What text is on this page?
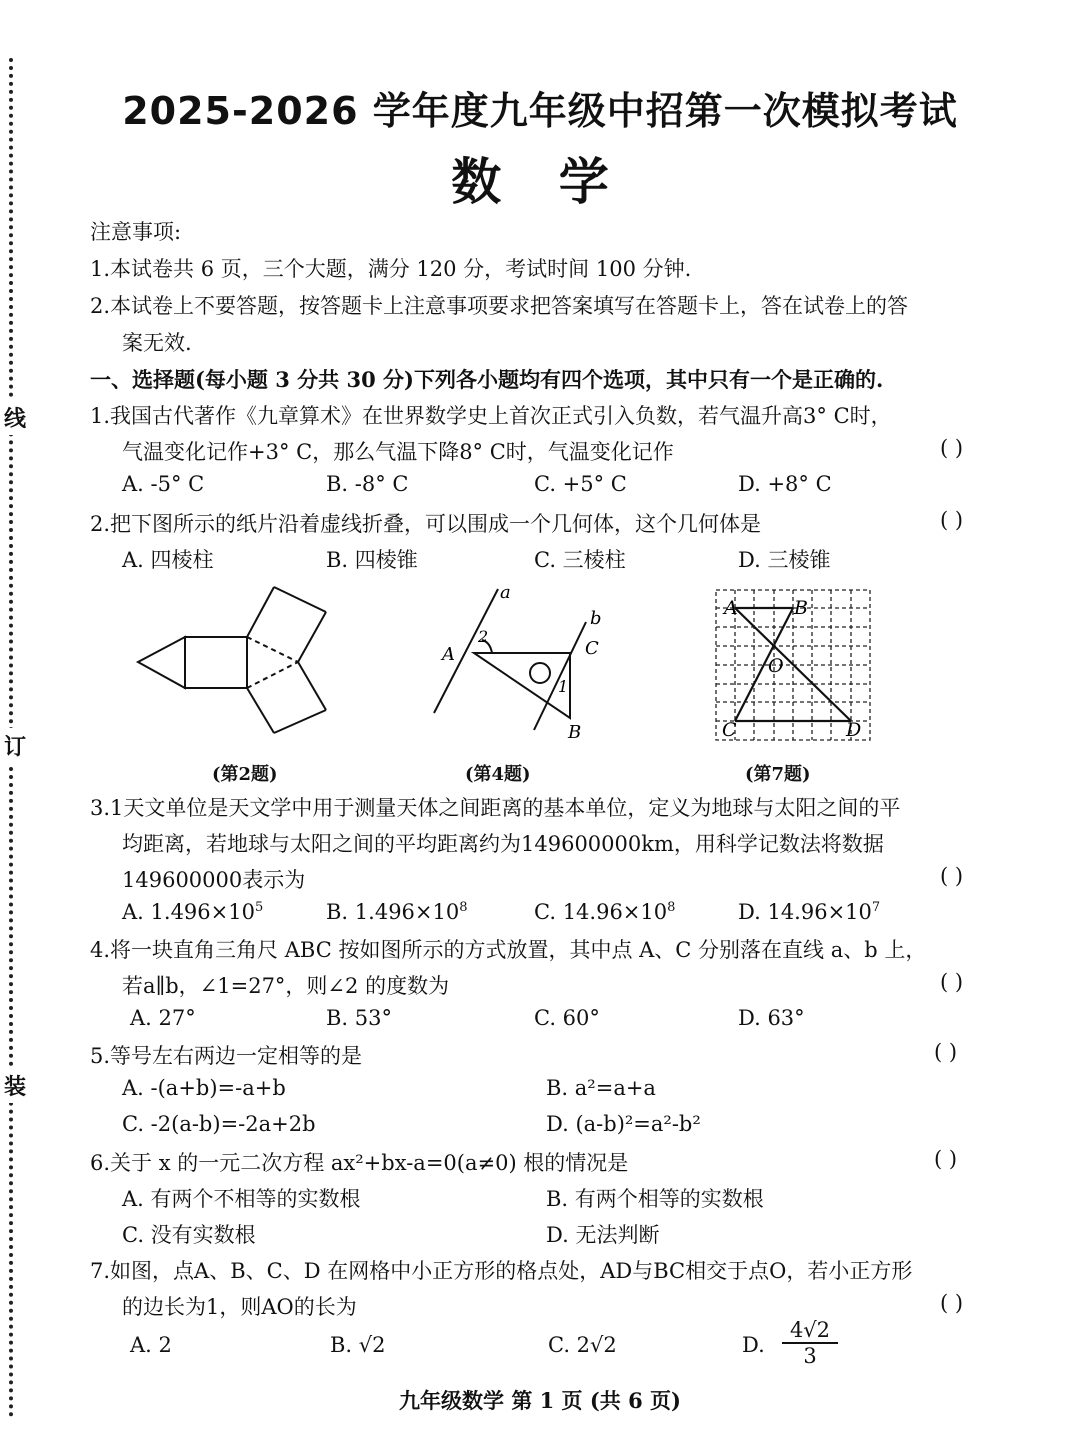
线
订
装
2025-2026 学年度九年级中招第一次模拟考试
数 学
注意事项:
1.本试卷共 6 页，三个大题，满分 120 分，考试时间 100 分钟.
2.本试卷上不要答题，按答题卡上注意事项要求把答案填写在答题卡上，答在试卷上的答
案无效.
一、选择题(每小题 3 分共 30 分)下列各小题均有四个选项，其中只有一个是正确的.
1.我国古代著作《九章算术》在世界数学史上首次正式引入负数，若气温升高3° C时，
气温变化记作+3° C，那么气温下降8° C时，气温变化记作	( )
A. -5° C	B. -8° C	C. +5° C	D. +8° C
2.把下图所示的纸片沿着虚线折叠，可以围成一个几何体，这个几何体是	( )
A. 四棱柱	B. 四棱锥	C. 三棱柱	D. 三棱锥
(第2题)
a
b
A	C
B
2
1
(第4题)
A	B
O
C	D
(第7题)
3.1天文单位是天文学中用于测量天体之间距离的基本单位，定义为地球与太阳之间的平
均距离，若地球与太阳之间的平均距离约为149600000km，用科学记数法将数据
149600000表示为	( )
A. $1.496\times 10^5$	B. $1.496\times 10^8$	C. $14.96\times 10^8$	D. $14.96\times 10^7$
4.将一块直角三角尺 ABC 按如图所示的方式放置，其中点 A、C 分别落在直线 a、b 上，
若a∥b，∠1=27°，则∠2 的度数为	( )
A. 27°	B. 53°	C. 60°	D. 63°
5.等号左右两边一定相等的是	( )
A. -(a+b)=-a+b	B. a²=a+a
C. -2(a-b)=-2a+2b	D. (a-b)²=a²-b²
6.关于 x 的一元二次方程 ax²+bx-a=0(a≠0) 根的情况是	( )
A. 有两个不相等的实数根	B. 有两个相等的实数根
C. 没有实数根	D. 无法判断
7.如图，点A、B、C、D 在网格中小正方形的格点处，AD与BC相交于点O，若小正方形
的边长为1，则AO的长为	( )
A. 2	B. √2	C. 2√2	D. $\frac{4√2}{3}$
九年级数学 第 1 页 (共 6 页)
